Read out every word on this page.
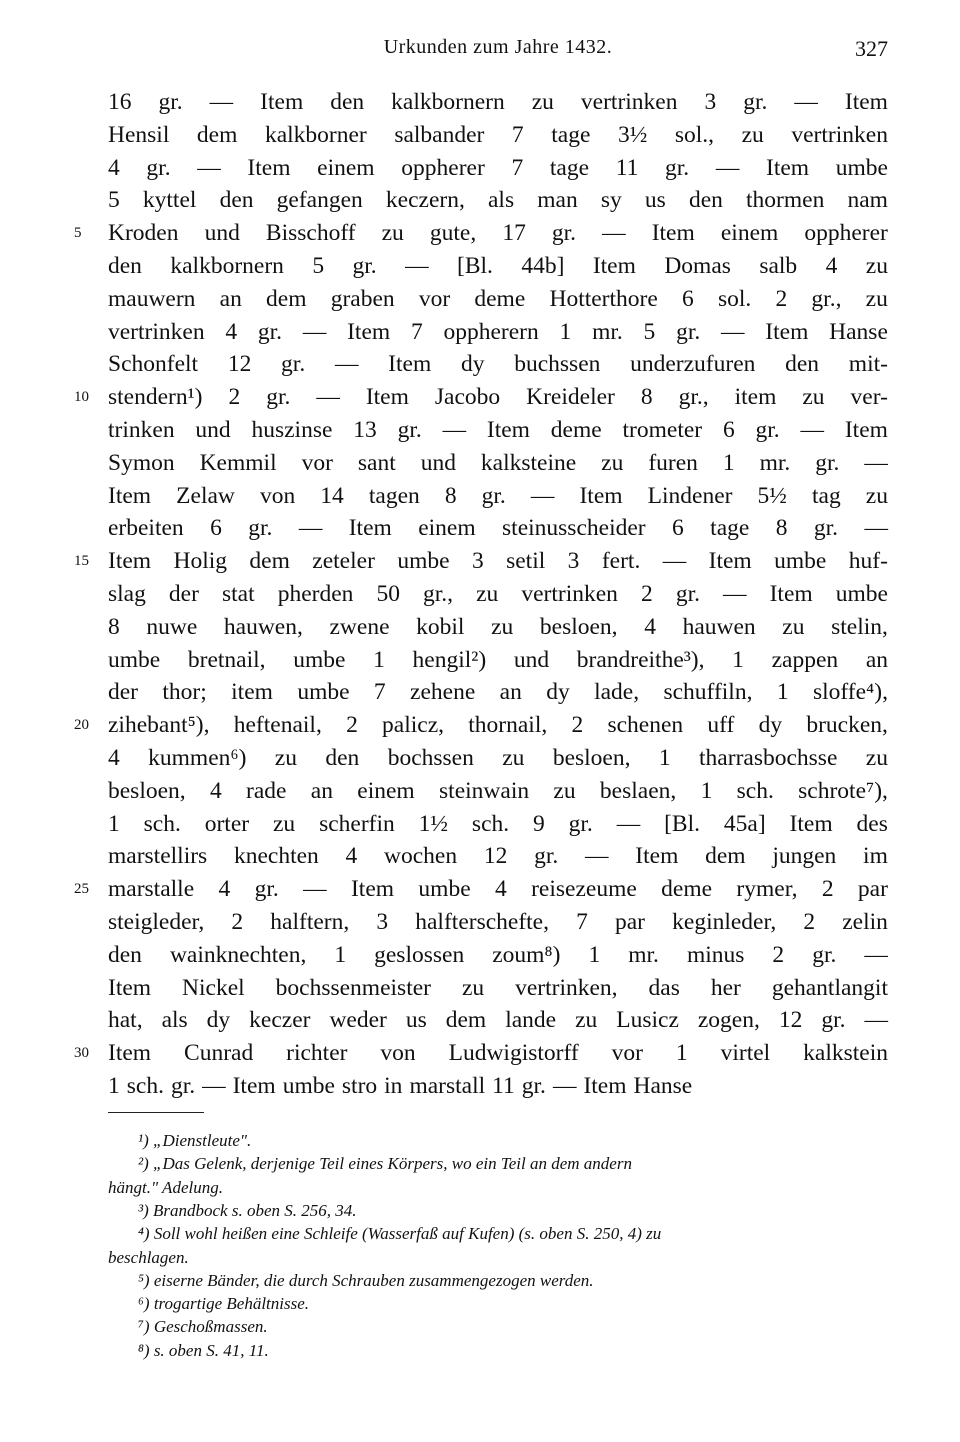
Urkunden zum Jahre 1432.	327
16 gr. — Item den kalkbornern zu vertrinken 3 gr. — Item
Hensil dem kalkborner salbander 7 tage 3½ sol., zu vertrinken
4 gr. — Item einem oppherer 7 tage 11 gr. — Item umbe
5 kyttel den gefangen keczern, als man sy us den thormen nam
Kroden und Bisschoff zu gute, 17 gr. — Item einem oppherer
den kalkbornern 5 gr. — [Bl. 44b] Item Domas salb 4 zu
mauwern an dem graben vor deme Hotterthore 6 sol. 2 gr., zu
vertrinken 4 gr. — Item 7 oppherern 1 mr. 5 gr. — Item Hanse
Schonfelt 12 gr. — Item dy buchssen underzufuren den mit-
stendern¹) 2 gr. — Item Jacobo Kreideler 8 gr., item zu ver-
trinken und huszinse 13 gr. — Item deme trometer 6 gr. — Item
Symon Kemmil vor sant und kalksteine zu furen 1 mr. gr. —
Item Zelaw von 14 tagen 8 gr. — Item Lindener 5½ tag zu
erbeiten 6 gr. — Item einem steinusscheider 6 tage 8 gr. —
Item Holig dem zeteler umbe 3 setil 3 fert. — Item umbe huf-
slag der stat pherden 50 gr., zu vertrinken 2 gr. — Item umbe
8 nuwe hauwen, zwene kobil zu besloen, 4 hauwen zu stelin,
umbe bretnail, umbe 1 hengil²) und brandreithe³), 1 zappen an
der thor; item umbe 7 zehene an dy lade, schuffiln, 1 sloffe⁴),
zihebant⁵), heftenail, 2 palicz, thornail, 2 schenen uff dy brucken,
4 kummen⁶) zu den bochssen zu besloen, 1 tharrasbochsse zu
besloen, 4 rade an einem steinwain zu beslaen, 1 sch. schrote⁷),
1 sch. orter zu scherfin 1½ sch. 9 gr. — [Bl. 45a] Item des
marstellirs knechten 4 wochen 12 gr. — Item dem jungen im
marstalle 4 gr. — Item umbe 4 reisezeume deme rymer, 2 par
steigleder, 2 halftern, 3 halfterschefte, 7 par keginleder, 2 zelin
den wainknechten, 1 geslossen zoum⁸) 1 mr. minus 2 gr. —
Item Nickel bochssenmeister zu vertrinken, das her gehantlangit
hat, als dy keczer weder us dem lande zu Lusicz zogen, 12 gr. —
Item Cunrad richter von Ludwigistorff vor 1 virtel kalkstein
1 sch. gr. — Item umbe stro in marstall 11 gr. — Item Hanse
5
10
15
20
25
30
¹) „Dienstleute".
²) „Das Gelenk, derjenige Teil eines Körpers, wo ein Teil an dem andern
hängt." Adelung.
³) Brandbock s. oben S. 256, 34.
⁴) Soll wohl heißen eine Schleife (Wasserfaß auf Kufen) (s. oben S. 250, 4) zu
beschlagen.
⁵) eiserne Bänder, die durch Schrauben zusammengezogen werden.
⁶) trogartige Behältnisse.
⁷) Geschoßmassen.
⁸) s. oben S. 41, 11.
